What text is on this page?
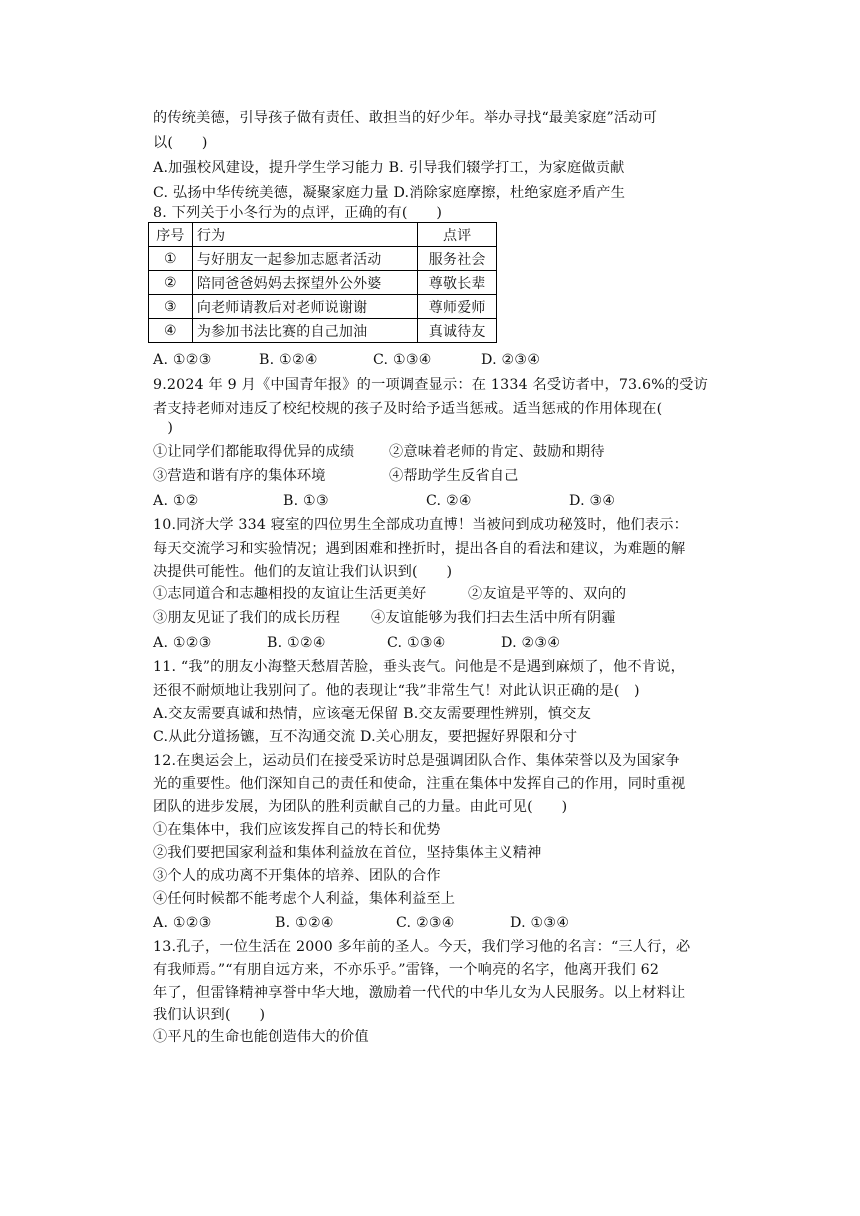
的传统美德，引导孩子做有责任、敢担当的好少年。举办寻找“最美家庭”活动可
以(　　)
A.加强校风建设，提升学生学习能力 B. 引导我们辍学打工，为家庭做贡献
C. 弘扬中华传统美德，凝聚家庭力量 D.消除家庭摩擦，杜绝家庭矛盾产生
8. 下列关于小冬行为的点评，正确的有(　　)
序号	行为	点评
①	与好朋友一起参加志愿者活动	服务社会
②	陪同爸爸妈妈去探望外公外婆	尊敬长辈
③	向老师请教后对老师说谢谢	尊师爱师
④	为参加书法比赛的自己加油	真诚待友
A. ①②③	B. ①②④	C. ①③④	D. ②③④
9.2024 年 9 月《中国青年报》的一项调查显示：在 1334 名受访者中，73.6%的受访
者支持老师对违反了校纪校规的孩子及时给予适当惩戒。适当惩戒的作用体现在(
　)
①让同学们都能取得优异的成绩 ②意味着老师的肯定、鼓励和期待
③营造和谐有序的集体环境	④帮助学生反省自己
A. ①②	B. ①③	C. ②④	D. ③④
10.同济大学 334 寝室的四位男生全部成功直博！当被问到成功秘笈时，他们表示：
每天交流学习和实验情况；遇到困难和挫折时，提出各自的看法和建议，为难题的解
决提供可能性。他们的友谊让我们认识到(　　)
①志同道合和志趣相投的友谊让生活更美好	②友谊是平等的、双向的
③朋友见证了我们的成长历程 ④友谊能够为我们扫去生活中所有阴霾
A. ①②③	B. ①②④	C. ①③④	D. ②③④
11. “我”的朋友小海整天愁眉苦脸，垂头丧气。问他是不是遇到麻烦了，他不肯说，
还很不耐烦地让我别问了。他的表现让“我”非常生气！对此认识正确的是(　)
A.交友需要真诚和热情，应该毫无保留 B.交友需要理性辨别，慎交友
C.从此分道扬镳，互不沟通交流 D.关心朋友，要把握好界限和分寸
12.在奥运会上，运动员们在接受采访时总是强调团队合作、集体荣誉以及为国家争
光的重要性。他们深知自己的责任和使命，注重在集体中发挥自己的作用，同时重视
团队的进步发展，为团队的胜利贡献自己的力量。由此可见(　　)
①在集体中，我们应该发挥自己的特长和优势
②我们要把国家利益和集体利益放在首位，坚持集体主义精神
③个人的成功离不开集体的培养、团队的合作
④任何时候都不能考虑个人利益，集体利益至上
A. ①②③	B. ①②④	C. ②③④	D. ①③④
13.孔子，一位生活在 2000 多年前的圣人。今天，我们学习他的名言：“三人行，必
有我师焉。”“有朋自远方来，不亦乐乎。”雷锋，一个响亮的名字，他离开我们 62
年了，但雷锋精神享誉中华大地，激励着一代代的中华儿女为人民服务。以上材料让
我们认识到(　　)
①平凡的生命也能创造伟大的价值
